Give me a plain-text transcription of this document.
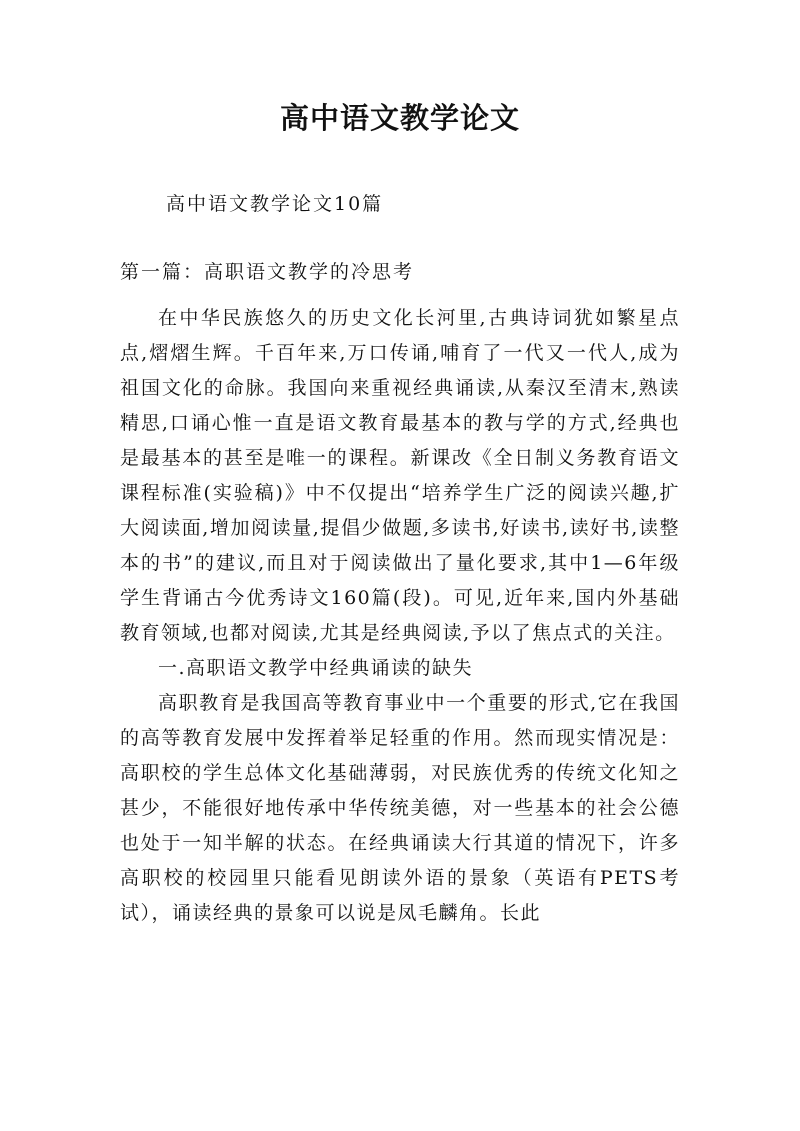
高中语文教学论文

高中语文教学论文10篇

第一篇：高职语文教学的冷思考

在中华民族悠久的历史文化长河里,古典诗词犹如繁星点点,熠熠生辉。千百年来,万口传诵,哺育了一代又一代人,成为祖国文化的命脉。我国向来重视经典诵读,从秦汉至清末,熟读精思,口诵心惟一直是语文教育最基本的教与学的方式,经典也是最基本的甚至是唯一的课程。新课改《全日制义务教育语文课程标准(实验稿)》中不仅提出“培养学生广泛的阅读兴趣,扩大阅读面,增加阅读量,提倡少做题,多读书,好读书,读好书,读整本的书”的建议,而且对于阅读做出了量化要求,其中1—6年级学生背诵古今优秀诗文160篇(段)。可见,近年来,国内外基础教育领域,也都对阅读,尤其是经典阅读,予以了焦点式的关注。

一.高职语文教学中经典诵读的缺失

高职教育是我国高等教育事业中一个重要的形式,它在我国的高等教育发展中发挥着举足轻重的作用。然而现实情况是：高职校的学生总体文化基础薄弱，对民族优秀的传统文化知之甚少，不能很好地传承中华传统美德，对一些基本的社会公德也处于一知半解的状态。在经典诵读大行其道的情况下，许多高职校的校园里只能看见朗读外语的景象（英语有PETS考试），诵读经典的景象可以说是凤毛麟角。长此
